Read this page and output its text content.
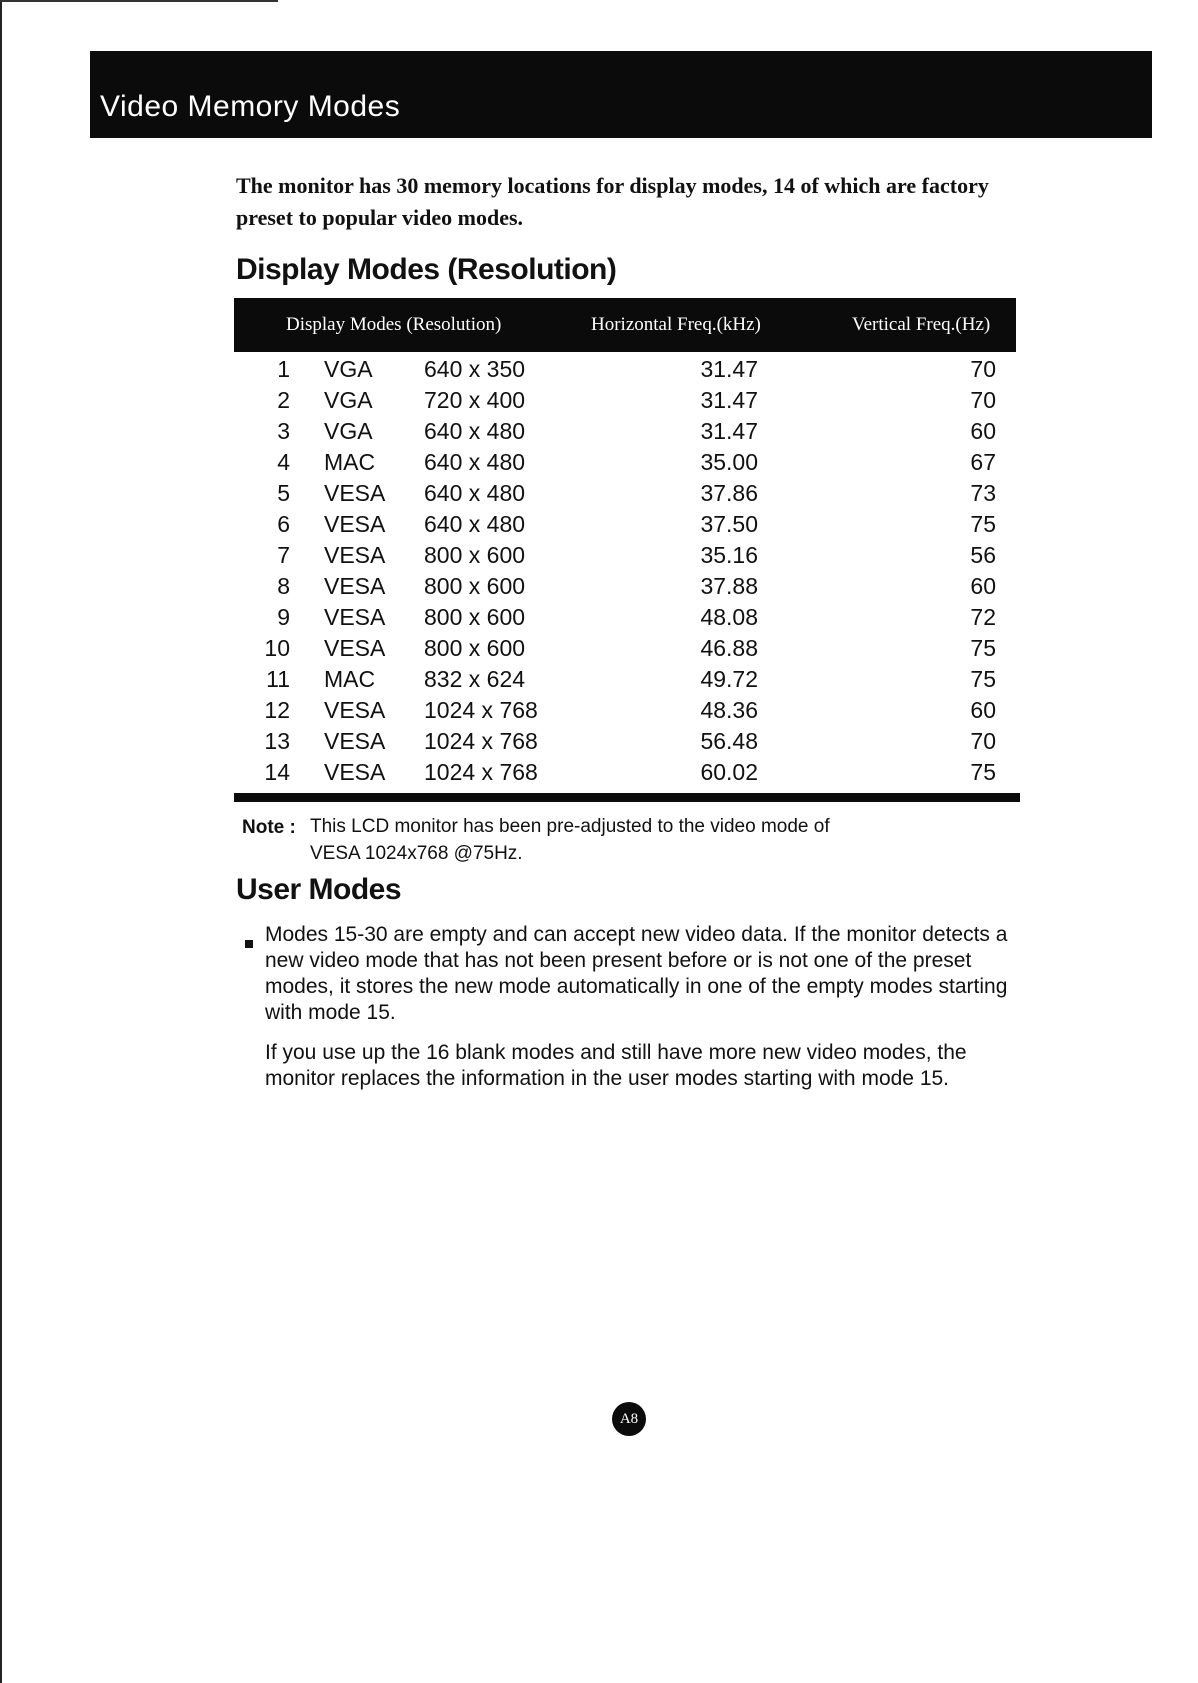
Video Memory Modes
The monitor has 30 memory locations for display modes, 14 of which are factory preset to popular video modes.
Display Modes (Resolution)
Display Modes (Resolution)	Horizontal Freq.(kHz)	Vertical Freq.(Hz)
1 VGA 640 x 350	31.47	70
2 VGA 720 x 400	31.47	70
3 VGA 640 x 480	31.47	60
4 MAC 640 x 480	35.00	67
5 VESA 640 x 480	37.86	73
6 VESA 640 x 480	37.50	75
7 VESA 800 x 600	35.16	56
8 VESA 800 x 600	37.88	60
9 VESA 800 x 600	48.08	72
10 VESA 800 x 600	46.88	75
11 MAC 832 x 624	49.72	75
12 VESA 1024 x 768	48.36	60
13 VESA 1024 x 768	56.48	70
14 VESA 1024 x 768	60.02	75
Note : This LCD monitor has been pre-adjusted to the video mode of VESA 1024x768 @75Hz.
User Modes
Modes 15-30 are empty and can accept new video data. If the monitor detects a new video mode that has not been present before or is not one of the preset modes, it stores the new mode automatically in one of the empty modes starting with mode 15.
If you use up the 16 blank modes and still have more new video modes, the monitor replaces the information in the user modes starting with mode 15.
A8
